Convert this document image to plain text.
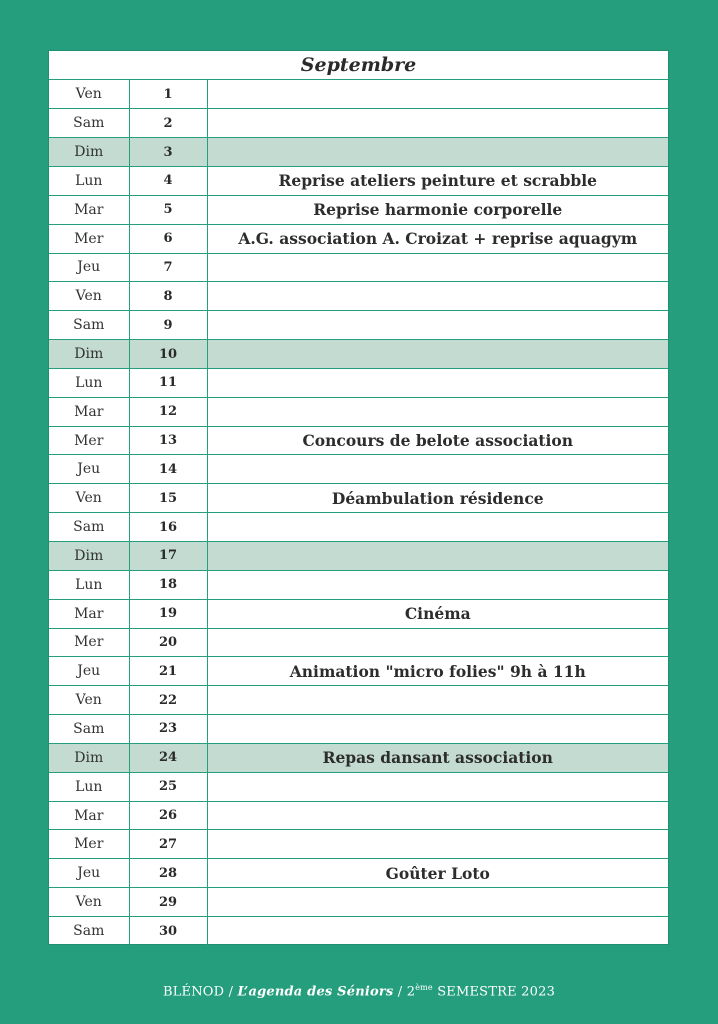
Septembre
Ven	1	
Sam	2	
Dim	3	
Lun	4	Reprise ateliers peinture et scrabble
Mar	5	Reprise harmonie corporelle
Mer	6	A.G. association A. Croizat + reprise aquagym
Jeu	7	
Ven	8	
Sam	9	
Dim	10	
Lun	11	
Mar	12	
Mer	13	Concours de belote association
Jeu	14	
Ven	15	Déambulation résidence
Sam	16	
Dim	17	
Lun	18	
Mar	19	Cinéma
Mer	20	
Jeu	21	Animation "micro folies" 9h à 11h
Ven	22	
Sam	23	
Dim	24	Repas dansant association
Lun	25	
Mar	26	
Mer	27	
Jeu	28	Goûter Loto
Ven	29	
Sam	30	
BLÉNOD / L’agenda des Séniors / 2ème SEMESTRE 2023
